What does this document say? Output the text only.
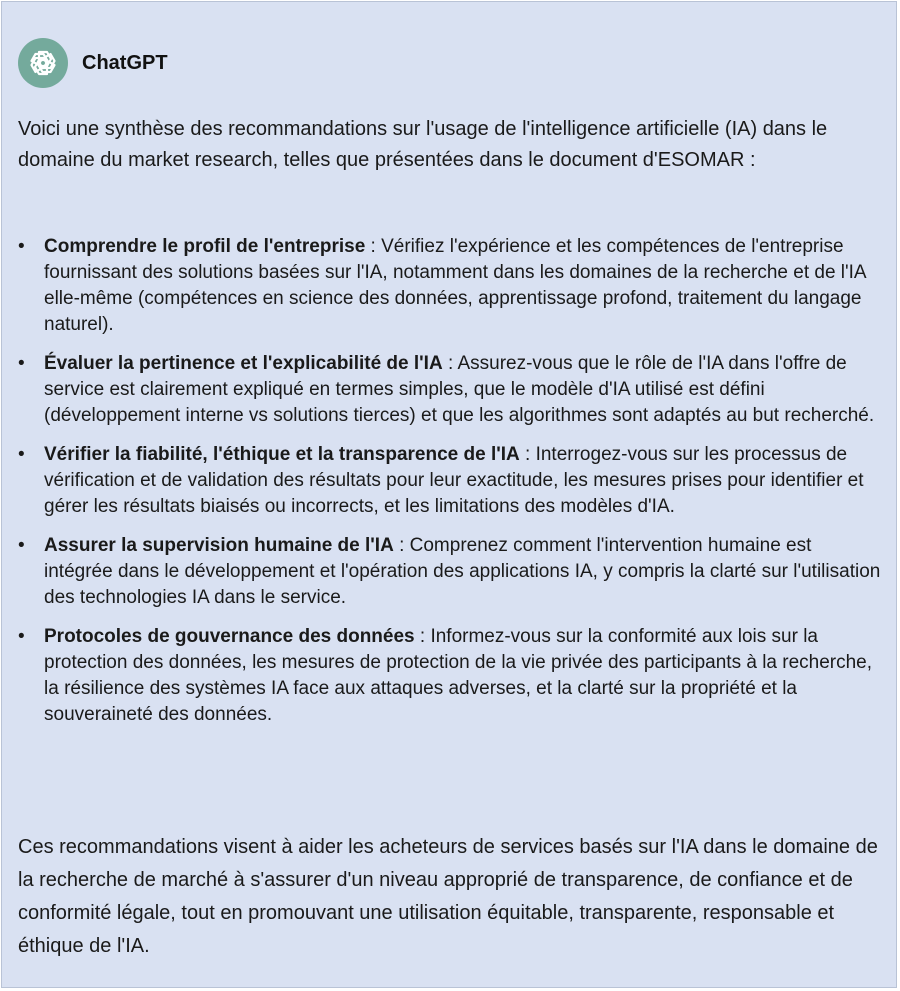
ChatGPT

Voici une synthèse des recommandations sur l'usage de l'intelligence artificielle (IA) dans le domaine du market research, telles que présentées dans le document d'ESOMAR :

• Comprendre le profil de l'entreprise : Vérifiez l'expérience et les compétences de l'entreprise fournissant des solutions basées sur l'IA, notamment dans les domaines de la recherche et de l'IA elle-même (compétences en science des données, apprentissage profond, traitement du langage naturel).
• Évaluer la pertinence et l'explicabilité de l'IA : Assurez-vous que le rôle de l'IA dans l'offre de service est clairement expliqué en termes simples, que le modèle d'IA utilisé est défini (développement interne vs solutions tierces) et que les algorithmes sont adaptés au but recherché.
• Vérifier la fiabilité, l'éthique et la transparence de l'IA : Interrogez-vous sur les processus de vérification et de validation des résultats pour leur exactitude, les mesures prises pour identifier et gérer les résultats biaisés ou incorrects, et les limitations des modèles d'IA.
• Assurer la supervision humaine de l'IA : Comprenez comment l'intervention humaine est intégrée dans le développement et l'opération des applications IA, y compris la clarté sur l'utilisation des technologies IA dans le service.
• Protocoles de gouvernance des données : Informez-vous sur la conformité aux lois sur la protection des données, les mesures de protection de la vie privée des participants à la recherche, la résilience des systèmes IA face aux attaques adverses, et la clarté sur la propriété et la souveraineté des données.

Ces recommandations visent à aider les acheteurs de services basés sur l'IA dans le domaine de la recherche de marché à s'assurer d'un niveau approprié de transparence, de confiance et de conformité légale, tout en promouvant une utilisation équitable, transparente, responsable et éthique de l'IA.
